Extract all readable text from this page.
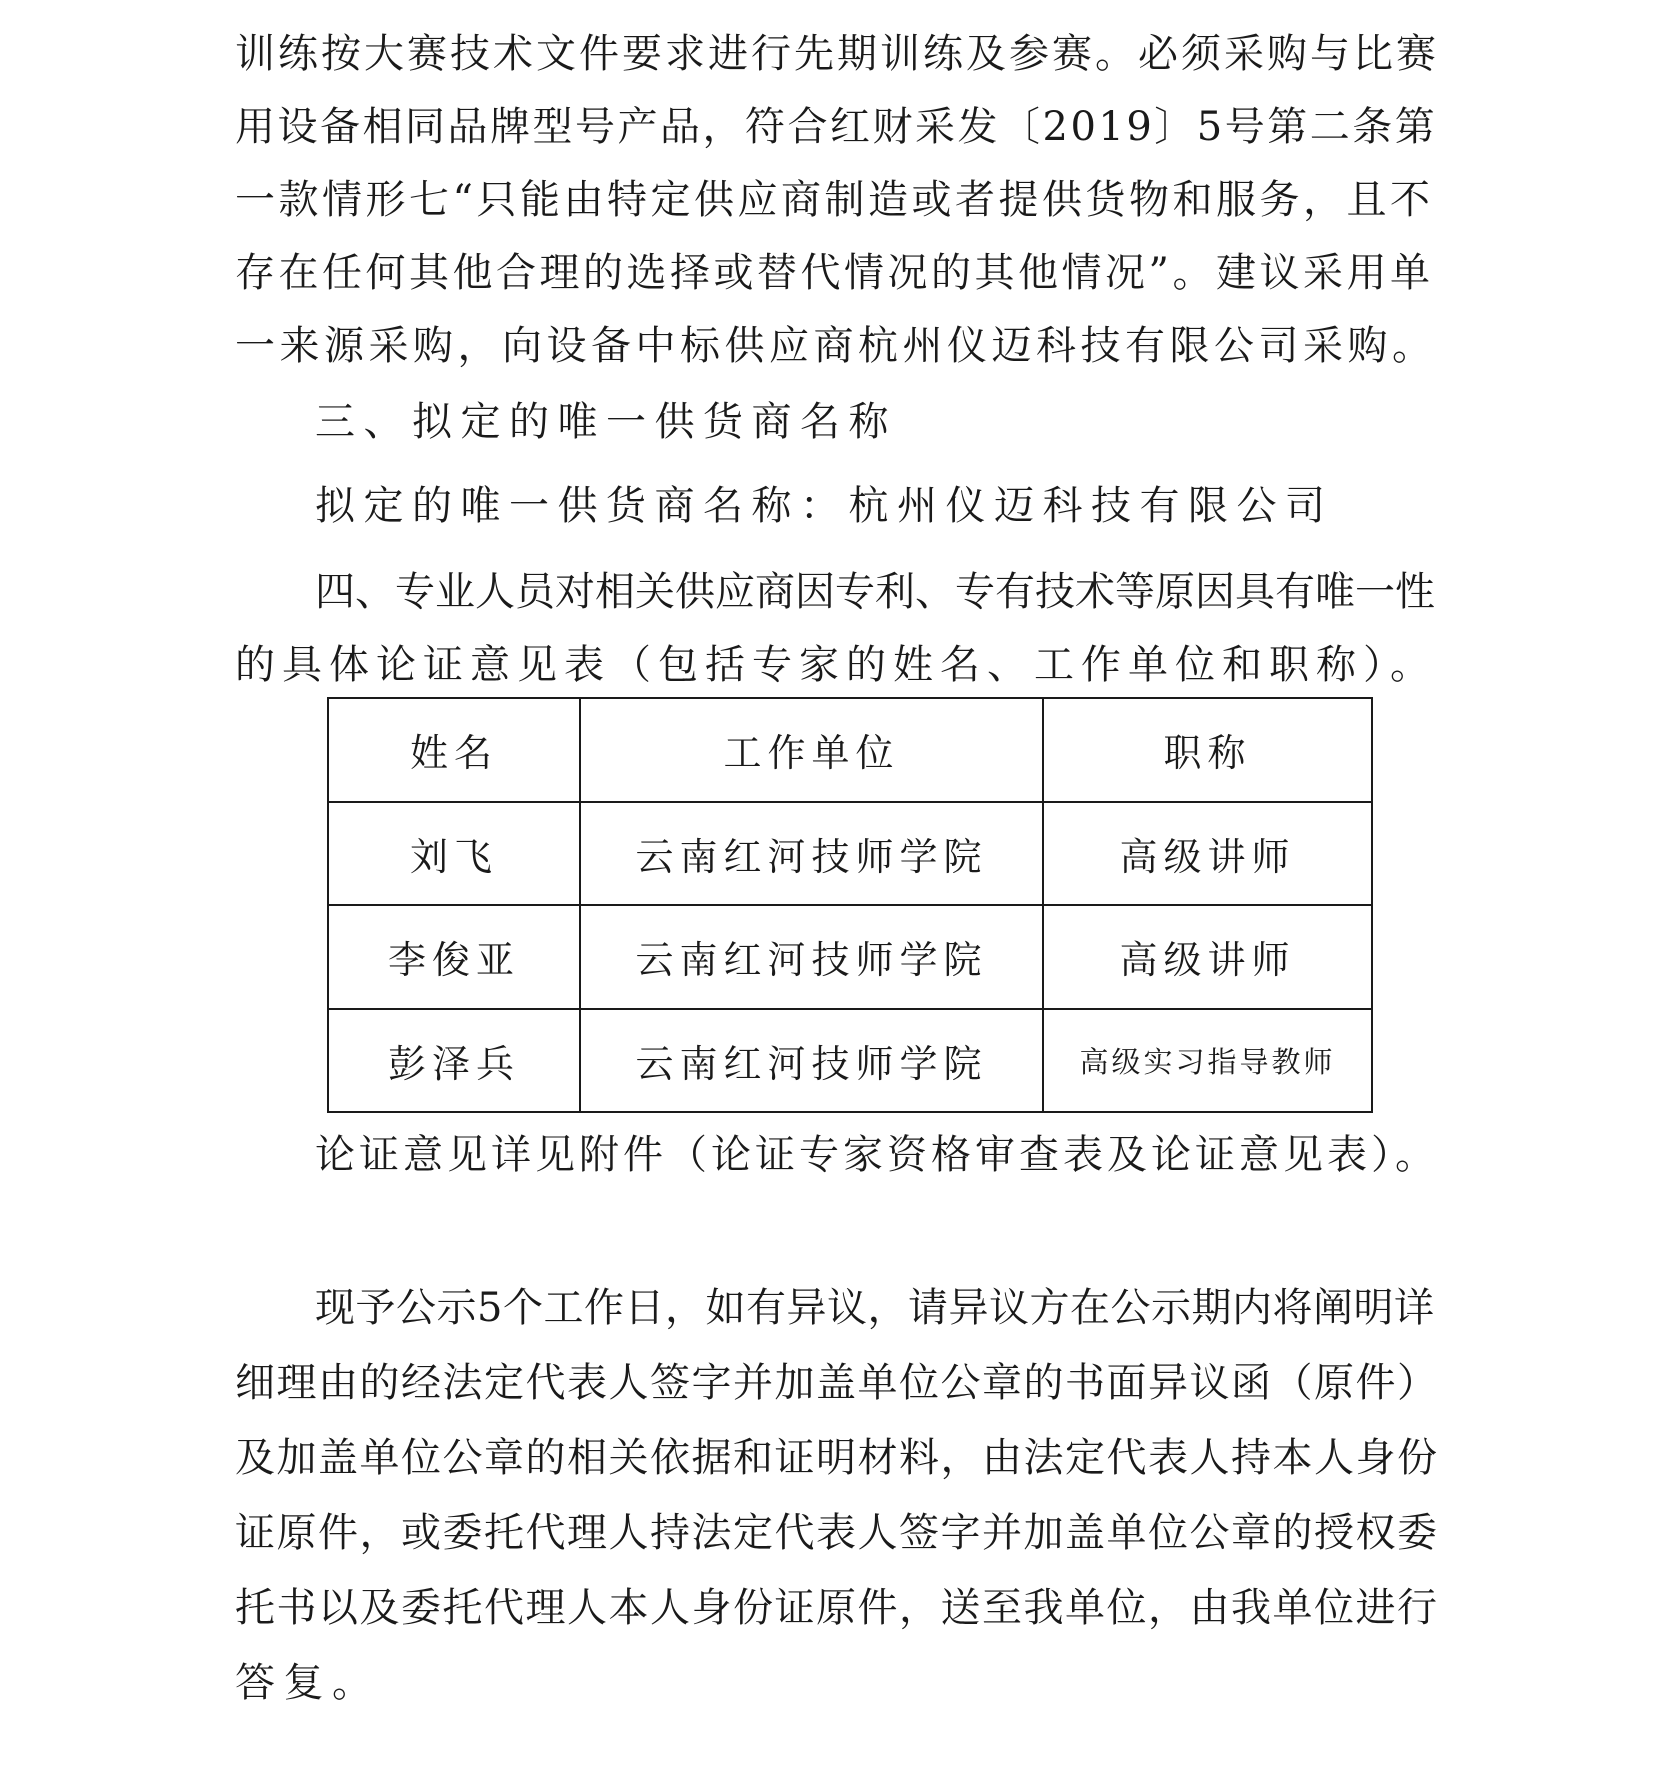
训练按大赛技术文件要求进行先期训练及参赛。必须采购与比赛
用设备相同品牌型号产品，符合红财采发〔2019〕5号第二条第
一款情形七“只能由特定供应商制造或者提供货物和服务，且不
存在任何其他合理的选择或替代情况的其他情况”。建议采用单
一来源采购，向设备中标供应商杭州仪迈科技有限公司采购。
三、拟定的唯一供货商名称
拟定的唯一供货商名称：杭州仪迈科技有限公司
四、专业人员对相关供应商因专利、专有技术等原因具有唯一性
的具体论证意见表（包括专家的姓名、工作单位和职称）。
姓名	工作单位	职称
刘飞	云南红河技师学院	高级讲师
李俊亚	云南红河技师学院	高级讲师
彭泽兵	云南红河技师学院	高级实习指导教师
论证意见详见附件（论证专家资格审查表及论证意见表）。
现予公示5个工作日，如有异议，请异议方在公示期内将阐明详
细理由的经法定代表人签字并加盖单位公章的书面异议函（原件）
及加盖单位公章的相关依据和证明材料，由法定代表人持本人身份
证原件，或委托代理人持法定代表人签字并加盖单位公章的授权委
托书以及委托代理人本人身份证原件，送至我单位，由我单位进行
答复。
